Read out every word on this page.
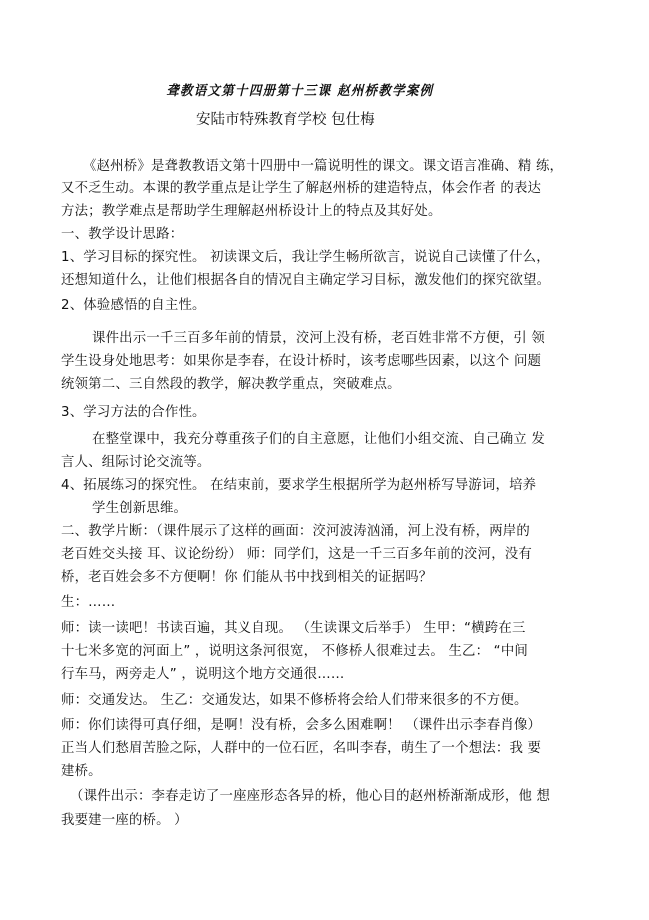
聋教语文第十四册第十三课 赵州桥教学案例
安陆市特殊教育学校 包仕梅
《赵州桥》是聋教教语文第十四册中一篇说明性的课文。课文语言准确、精 练，
又不乏生动。本课的教学重点是让学生了解赵州桥的建造特点，体会作者 的表达
方法；教学难点是帮助学生理解赵州桥设计上的特点及其好处。
一、教学设计思路：
1、学习目标的探究性。 初读课文后，我让学生畅所欲言，说说自己读懂了什么，
还想知道什么，让他们根据各自的情况自主确定学习目标，激发他们的探究欲望。
2、体验感悟的自主性。
课件出示一千三百多年前的情景，洨河上没有桥，老百姓非常不方便，引 领
学生设身处地思考：如果你是李春，在设计桥时，该考虑哪些因素，以这个 问题
统领第二、三自然段的教学，解决教学重点，突破难点。
3、学习方法的合作性。
在整堂课中，我充分尊重孩子们的自主意愿，让他们小组交流、自己确立 发
言人、组际讨论交流等。
4、拓展练习的探究性。 在结束前，要求学生根据所学为赵州桥写导游词，培养
学生创新思维。
二、教学片断：（课件展示了这样的画面：洨河波涛汹涌，河上没有桥，两岸的
老百姓交头接 耳、议论纷纷） 师：同学们，这是一千三百多年前的洨河，没有
桥，老百姓会多不方便啊！你 们能从书中找到相关的证据吗？
生：……
师：读一读吧！书读百遍，其义自现。 （生读课文后举手） 生甲：“横跨在三
十七米多宽的河面上” ，说明这条河很宽， 不修桥人很难过去。 生乙： “中间
行车马，两旁走人” ，说明这个地方交通很……
师：交通发达。 生乙：交通发达，如果不修桥将会给人们带来很多的不方便。
师：你们读得可真仔细，是啊！没有桥，会多么困难啊！ （课件出示李春肖像）
正当人们愁眉苦脸之际，人群中的一位石匠，名叫李春，萌生了一个想法：我 要
建桥。
（课件出示：李春走访了一座座形态各异的桥，他心目的赵州桥渐渐成形，他 想
我要建一座的桥。 ）
